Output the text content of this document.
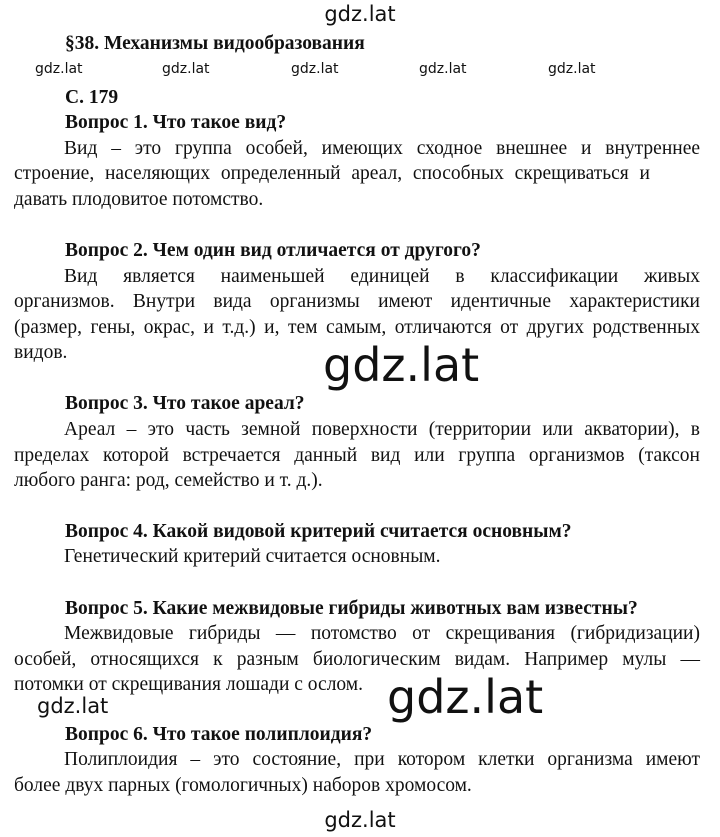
gdz.lat
gdz.lat	gdz.lat	gdz.lat	gdz.lat	gdz.lat
§38. Механизмы видообразования
С. 179
Вопрос 1. Что такое вид?
Вид – это группа особей, имеющих сходное внешнее и внутреннее
строение, населяющих определенный ареал, способных скрещиваться и
давать плодовитое потомство.
Вопрос 2. Чем один вид отличается от другого?
Вид является наименьшей единицей в классификации живых
организмов. Внутри вида организмы имеют идентичные характеристики
(размер, гены, окрас, и т.д.) и, тем самым, отличаются от других родственных
видов.	gdz.lat
Вопрос 3. Что такое ареал?
Ареал – это часть земной поверхности (территории или акватории), в
пределах которой встречается данный вид или группа организмов (таксон
любого ранга: род, семейство и т. д.).
Вопрос 4. Какой видовой критерий считается основным?
Генетический критерий считается основным.
Вопрос 5. Какие межвидовые гибриды животных вам известны?
Межвидовые гибриды — потомство от скрещивания (гибридизации)
особей, относящихся к разным биологическим видам. Например мулы —
потомки от скрещивания лошади с ослом. gdz.lat
gdz.lat
Вопрос 6. Что такое полиплоидия?
Полиплоидия – это состояние, при котором клетки организма имеют
более двух парных (гомологичных) наборов хромосом.
gdz.lat
